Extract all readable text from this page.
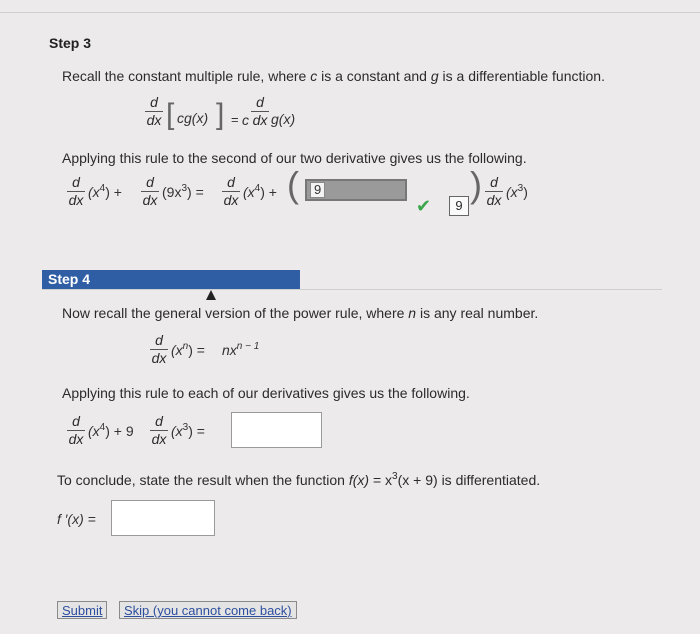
Step 3
Recall the constant multiple rule, where c is a constant and g is a differentiable function.
d
dx [ cg(x) ] = c
d
dx g(x)
Applying this rule to the second of our two derivative gives us the following.
d
dx $(x^4)$ +
d
dx $(9x^3)$ =
d
dx $(x^4)$ + (	9
✔	9
) d
dx $(x^3)$
Step 4
Now recall the general version of the power rule, where n is any real number.
d
dx $(x^n) = nx^{n - 1}$
Applying this rule to each of our derivatives gives us the following.
d
dx $(x^4) + 9$
d
dx $(x^3)$ =
To conclude, state the result when the function $f(x) = x^3(x + 9)$ is differentiated.
f ′(x) =
Submit	Skip (you cannot come back)
